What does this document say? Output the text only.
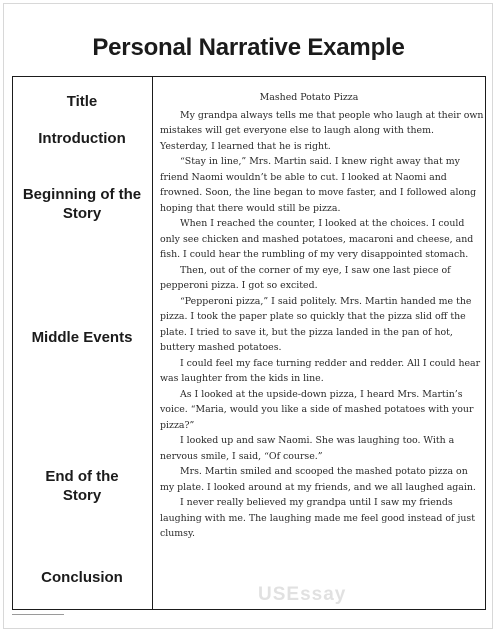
Personal Narrative Example
Title
Introduction
Beginning of the Story
Middle Events
End of the Story
Conclusion
Mashed Potato Pizza

My grandpa always tells me that people who laugh at their own mistakes will get everyone else to laugh along with them. Yesterday, I learned that he is right.

“Stay in line,” Mrs. Martin said. I knew right away that my friend Naomi wouldn’t be able to cut. I looked at Naomi and frowned. Soon, the line began to move faster, and I followed along hoping that there would still be pizza.

When I reached the counter, I looked at the choices. I could only see chicken and mashed potatoes, macaroni and cheese, and fish. I could hear the rumbling of my very disappointed stomach.

Then, out of the corner of my eye, I saw one last piece of pepperoni pizza. I got so excited.

“Pepperoni pizza,” I said politely. Mrs. Martin handed me the pizza. I took the paper plate so quickly that the pizza slid off the plate. I tried to save it, but the pizza landed in the pan of hot, buttery mashed potatoes.

I could feel my face turning redder and redder. All I could hear was laughter from the kids in line.

As I looked at the upside-down pizza, I heard Mrs. Martin’s voice. “Maria, would you like a side of mashed potatoes with your pizza?”

I looked up and saw Naomi. She was laughing too. With a nervous smile, I said, “Of course.”

Mrs. Martin smiled and scooped the mashed potato pizza on my plate. I looked around at my friends, and we all laughed again.

I never really believed my grandpa until I saw my friends laughing with me. The laughing made me feel good instead of just clumsy.

USEssay
